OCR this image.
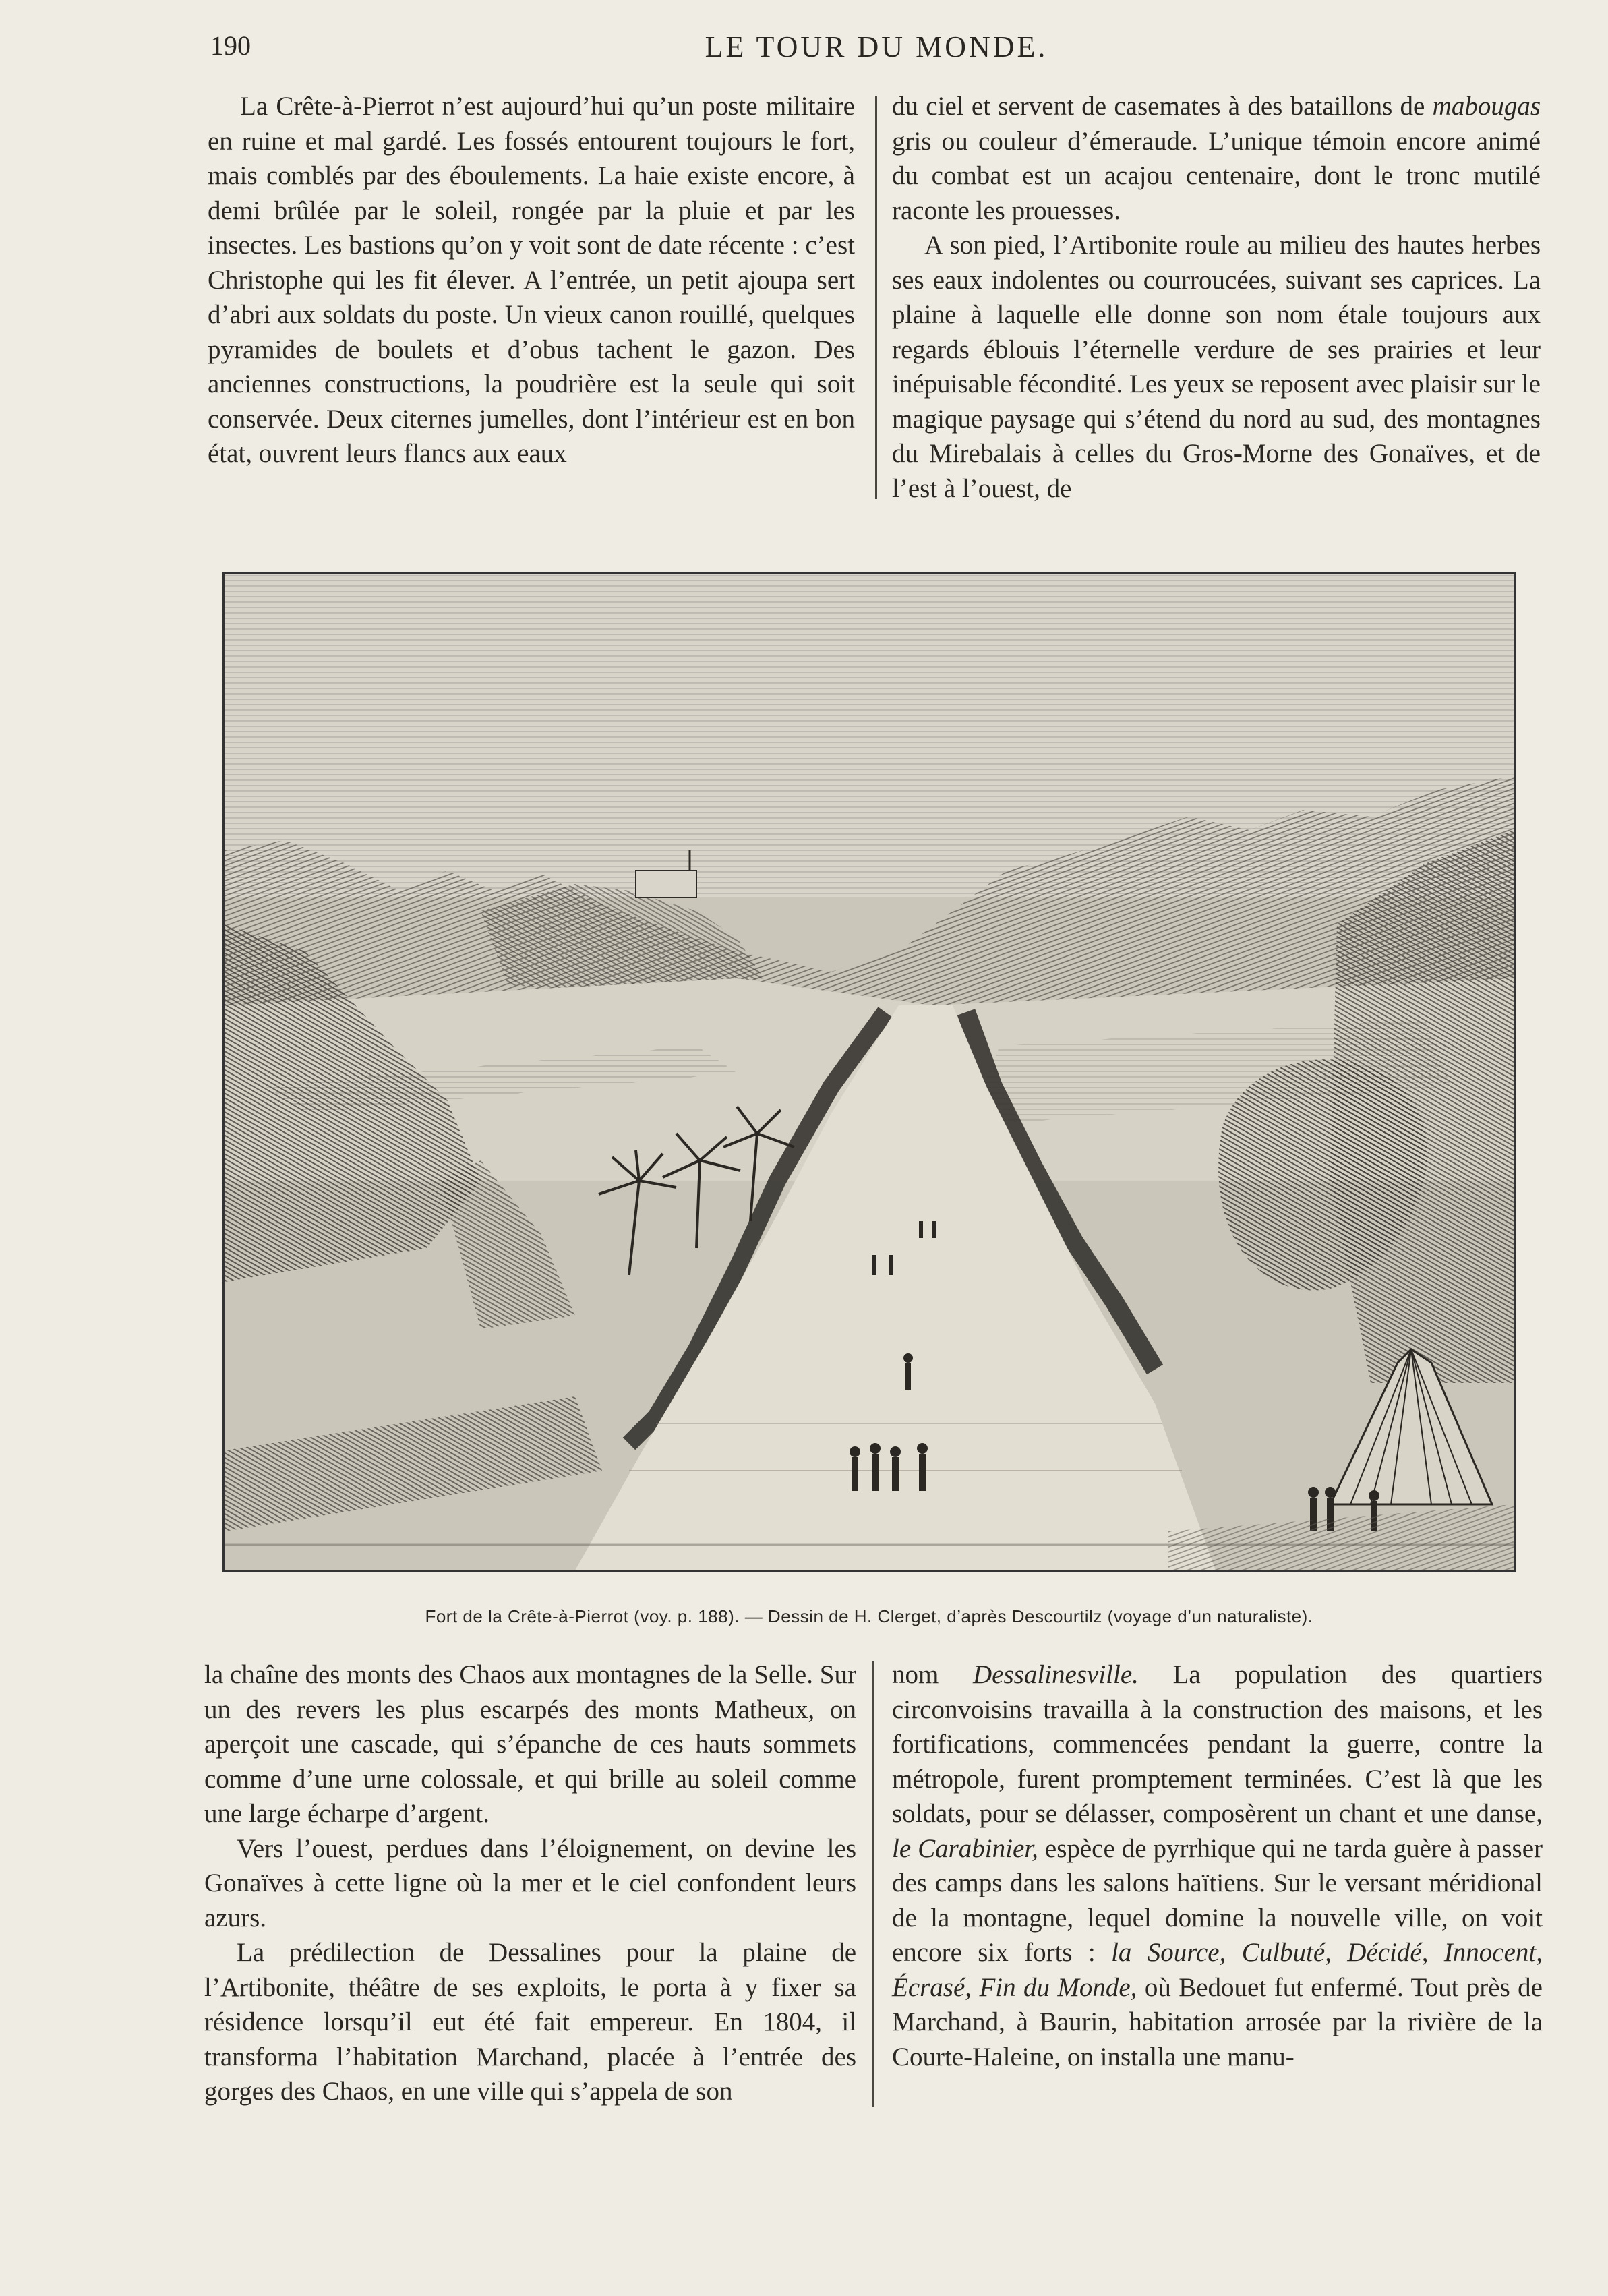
190	LE TOUR DU MONDE.

La Crête-à-Pierrot n’est aujourd’hui qu’un poste militaire en ruine et mal gardé. Les fossés entourent toujours le fort, mais comblés par des éboulements. La haie existe encore, à demi brûlée par le soleil, rongée par la pluie et par les insectes. Les bastions qu’on y voit sont de date récente : c’est Christophe qui les fit élever. A l’entrée, un petit ajoupa sert d’abri aux soldats du poste. Un vieux canon rouillé, quelques pyramides de boulets et d’obus tachent le gazon. Des anciennes constructions, la poudrière est la seule qui soit conservée. Deux citernes jumelles, dont l’intérieur est en bon état, ouvrent leurs flancs aux eaux

du ciel et servent de casemates à des bataillons de mabougas gris ou couleur d’émeraude. L’unique témoin encore animé du combat est un acajou centenaire, dont le tronc mutilé raconte les prouesses.

A son pied, l’Artibonite roule au milieu des hautes herbes ses eaux indolentes ou courroucées, suivant ses caprices. La plaine à laquelle elle donne son nom étale toujours aux regards éblouis l’éternelle verdure de ses prairies et leur inépuisable fécondité. Les yeux se reposent avec plaisir sur le magique paysage qui s’étend du nord au sud, des montagnes du Mirebalais à celles du Gros-Morne des Gonaïves, et de l’est à l’ouest, de

Fort de la Crête-à-Pierrot (voy. p. 188). — Dessin de H. Clerget, d’après Descourtilz (voyage d’un naturaliste).

la chaîne des monts des Chaos aux montagnes de la Selle. Sur un des revers les plus escarpés des monts Matheux, on aperçoit une cascade, qui s’épanche de ces hauts sommets comme d’une urne colossale, et qui brille au soleil comme une large écharpe d’argent.

Vers l’ouest, perdues dans l’éloignement, on devine les Gonaïves à cette ligne où la mer et le ciel confondent leurs azurs.

La prédilection de Dessalines pour la plaine de l’Artibonite, théâtre de ses exploits, le porta à y fixer sa résidence lorsqu’il eut été fait empereur. En 1804, il transforma l’habitation Marchand, placée à l’entrée des gorges des Chaos, en une ville qui s’appela de son

nom Dessalinesville. La population des quartiers circonvoisins travailla à la construction des maisons, et les fortifications, commencées pendant la guerre, contre la métropole, furent promptement terminées. C’est là que les soldats, pour se délasser, composèrent un chant et une danse, le Carabinier, espèce de pyrrhique qui ne tarda guère à passer des camps dans les salons haïtiens. Sur le versant méridional de la montagne, lequel domine la nouvelle ville, on voit encore six forts : la Source, Culbuté, Décidé, Innocent, Écrasé, Fin du Monde, où Bedouet fut enfermé. Tout près de Marchand, à Baurin, habitation arrosée par la rivière de la Courte-Haleine, on installa une manu-
